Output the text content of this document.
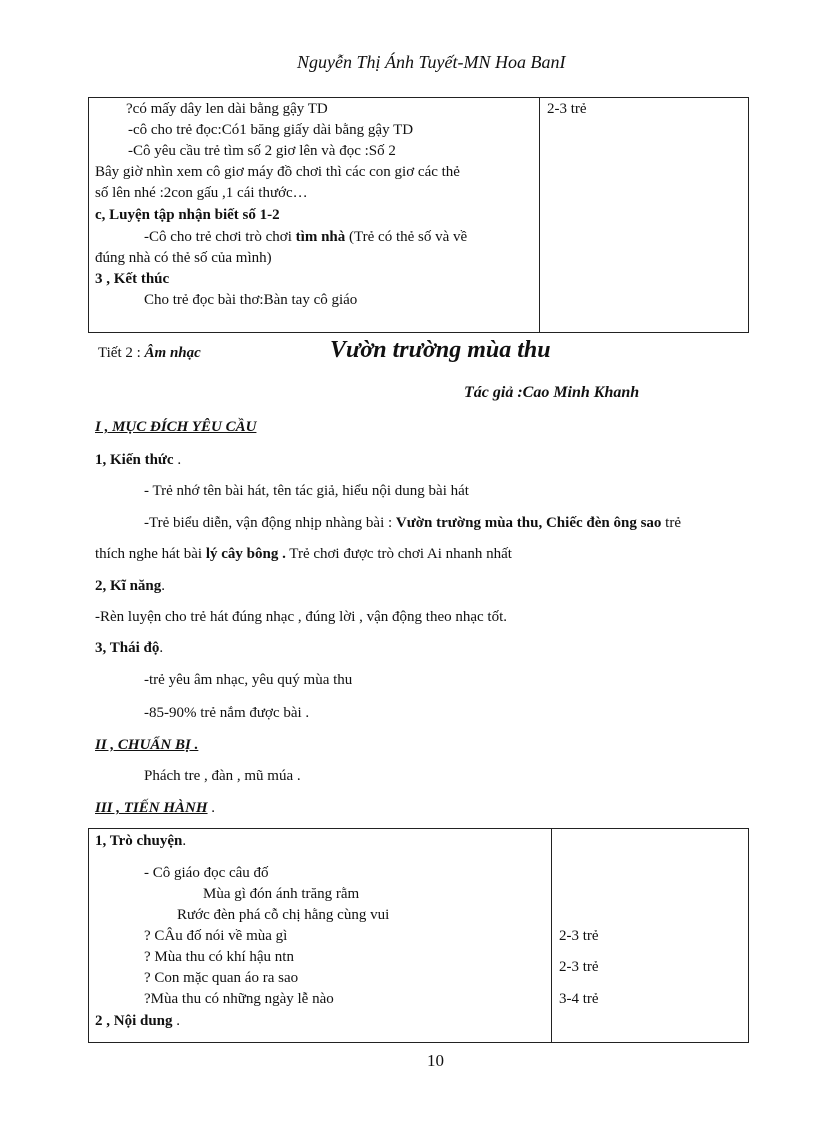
Nguyễn Thị Ánh Tuyết-MN Hoa BanI
?có mấy dây len dài bằng gậy TD
-cô cho trẻ đọc:Có1 băng giấy dài bằng gậy TD
-Cô yêu cầu trẻ tìm số 2 giơ lên và đọc :Số 2
Bây giờ nhìn xem cô giơ máy đồ chơi thì các con giơ các thẻ
số lên nhé :2con gấu ,1 cái thước…
c, Luyện tập nhận biết số 1-2
-Cô cho trẻ chơi trò chơi tìm nhà (Trẻ có thẻ số và về
đúng nhà có thẻ số của mình)
3 , Kết thúc
Cho trẻ đọc bài thơ:Bàn tay cô giáo
2-3 trẻ
Tiết 2 : Âm nhạc	Vườn trường mùa thu
Tác giả :Cao Minh Khanh
I , MỤC ĐÍCH YÊU CẦU
1, Kiến thức .
- Trẻ nhớ tên bài hát, tên tác giả, hiểu nội dung bài hát
-Trẻ biểu diễn, vận động nhịp nhàng bài : Vườn trường mùa thu, Chiếc đèn ông sao trẻ
thích nghe hát bài lý cây bông . Trẻ chơi được trò chơi Ai nhanh nhất
2, Kĩ năng.
-Rèn luyện cho trẻ hát đúng nhạc , đúng lời , vận động theo nhạc tốt.
3, Thái độ.
-trẻ yêu âm nhạc, yêu quý mùa thu
-85-90% trẻ nắm được bài .
II , CHUẨN BỊ .
Phách tre , đàn , mũ múa .
III , TIẾN HÀNH .
1, Trò chuyện.
- Cô giáo đọc câu đố
Mùa gì đón ánh trăng rằm
Rước đèn phá cỗ chị hằng cùng vui
? CÂu đố nói về mùa gì
? Mùa thu có khí hậu ntn
? Con mặc quan áo ra sao
?Mùa thu có những ngày lễ nào
2 , Nội dung .
2-3 trẻ
2-3 trẻ
3-4 trẻ
10
